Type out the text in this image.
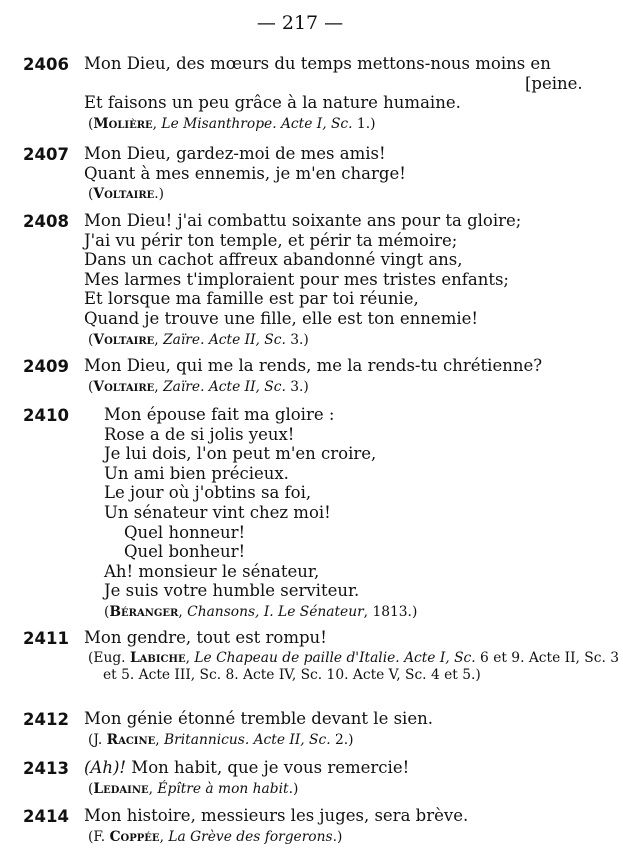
— 217 —
2406 Mon Dieu, des mœurs du temps mettons-nous moins en
[peine.
Et faisons un peu grâce à la nature humaine.
(Molière, Le Misanthrope. Acte I, Sc. 1.)
2407 Mon Dieu, gardez-moi de mes amis!
Quant à mes ennemis, je m'en charge!
(Voltaire.)
2408 Mon Dieu! j'ai combattu soixante ans pour ta gloire;
J'ai vu périr ton temple, et périr ta mémoire;
Dans un cachot affreux abandonné vingt ans,
Mes larmes t'imploraient pour mes tristes enfants;
Et lorsque ma famille est par toi réunie,
Quand je trouve une fille, elle est ton ennemie!
(Voltaire, Zaïre. Acte II, Sc. 3.)
2409 Mon Dieu, qui me la rends, me la rends-tu chrétienne?
(Voltaire, Zaïre. Acte II, Sc. 3.)
2410	Mon épouse fait ma gloire :
Rose a de si jolis yeux!
Je lui dois, l'on peut m'en croire,
Un ami bien précieux.
Le jour où j'obtins sa foi,
Un sénateur vint chez moi!
Quel honneur!
Quel bonheur!
Ah! monsieur le sénateur,
Je suis votre humble serviteur.
(Béranger, Chansons, I. Le Sénateur, 1813.)
2411 Mon gendre, tout est rompu!
(Eug. Labiche, Le Chapeau de paille d'Italie. Acte I, Sc. 6 et 9. Acte II, Sc. 3 et 5. Acte III, Sc. 8. Acte IV, Sc. 10. Acte V, Sc. 4 et 5.)
2412 Mon génie étonné tremble devant le sien.
(J. Racine, Britannicus. Acte II, Sc. 2.)
2413 (Ah)! Mon habit, que je vous remercie!
(Ledaine, Épître à mon habit.)
2414 Mon histoire, messieurs les juges, sera brève.
(F. Coppée, La Grève des forgerons.)
